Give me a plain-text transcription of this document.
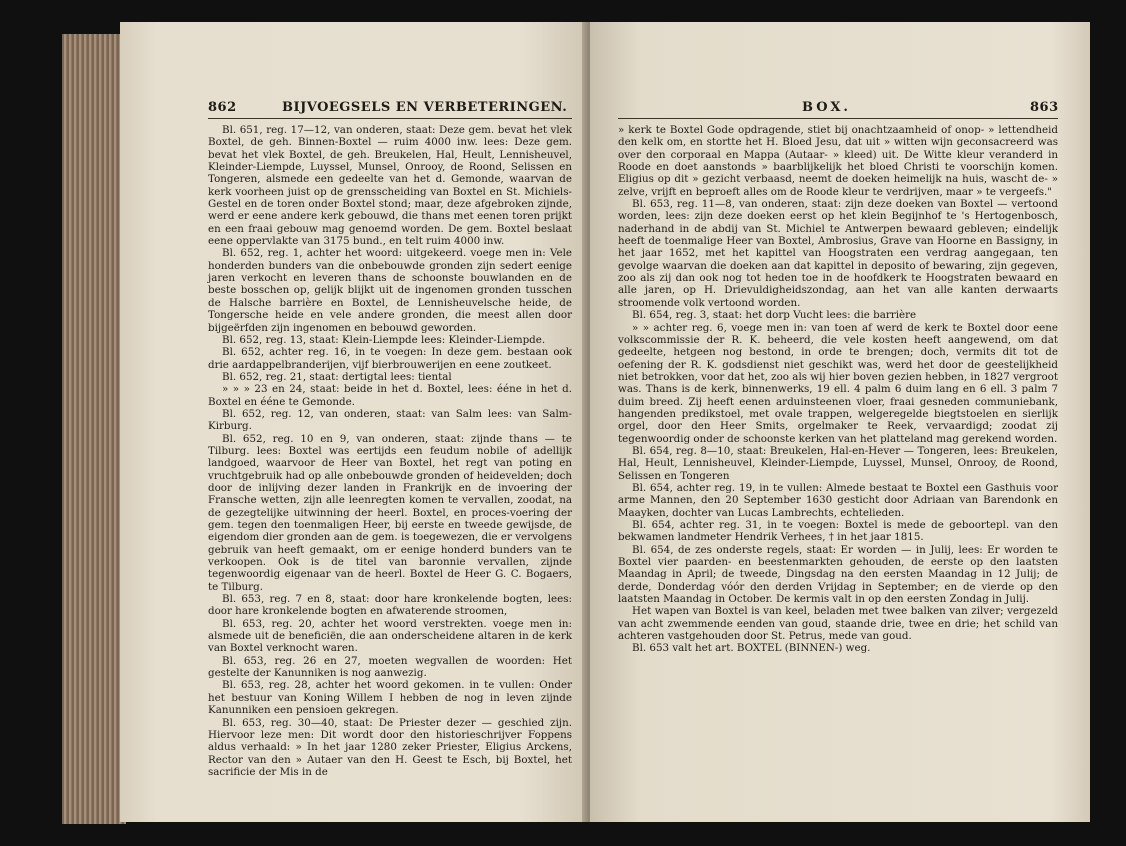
862	BIJVOEGSELS EN VERBETERINGEN.

Bl. 651, reg. 17—12, van onderen, staat: Deze gem. bevat het vlek Boxtel, de geh. Binnen-Boxtel — ruim 4000 inw. lees: Deze gem. bevat het vlek Boxtel, de geh. Breukelen, Hal, Heult, Lennisheuvel, Kleinder-Liempde, Luyssel, Munsel, Onrooy, de Roond, Selissen en Tongeren, alsmede een gedeelte van het d. Gemonde, waarvan de kerk voorheen juist op de grensscheiding van Boxtel en St. Michiels-Gestel en de toren onder Boxtel stond; maar, deze afgebroken zijnde, werd er eene andere kerk gebouwd, die thans met eenen toren prijkt en een fraai gebouw mag genoemd worden. De gem. Boxtel beslaat eene oppervlakte van 3175 bund., en telt ruim 4000 inw.

Bl. 652, reg. 1, achter het woord: uitgekeerd. voege men in: Vele honderden bunders van die onbebouwde gronden zijn sedert eenige jaren verkocht en leveren thans de schoonste bouwlanden en de beste bosschen op, gelijk blijkt uit de ingenomen gronden tusschen de Halsche barrière en Boxtel, de Lennisheuvelsche heide, de Tongersche heide en vele andere gronden, die meest allen door bijgeërfden zijn ingenomen en bebouwd geworden.

Bl. 652, reg. 13, staat: Klein-Liempde lees: Kleinder-Liempde.

Bl. 652, achter reg. 16, in te voegen: In deze gem. bestaan ook drie aardappelbranderijen, vijf bierbrouwerijen en eene zoutkeet.

Bl. 652, reg. 21, staat: dertigtal lees: tiental

» » » 23 en 24, staat: beide in het d. Boxtel, lees: ééne in het d. Boxtel en ééne te Gemonde.

Bl. 652, reg. 12, van onderen, staat: van Salm lees: van Salm-Kirburg.

Bl. 652, reg. 10 en 9, van onderen, staat: zijnde thans — te Tilburg. lees: Boxtel was eertijds een feudum nobile of adellijk landgoed, waarvoor de Heer van Boxtel, het regt van poting en vruchtgebruik had op alle onbebouwde gronden of heidevelden; doch door de inlijving dezer landen in Frankrijk en de invoering der Fransche wetten, zijn alle leenregten komen te vervallen, zoodat, na de gezegtelijke uitwinning der heerl. Boxtel, en proces-voering der gem. tegen den toenmaligen Heer, bij eerste en tweede gewijsde, de eigendom dier gronden aan de gem. is toegewezen, die er vervolgens gebruik van heeft gemaakt, om er eenige honderd bunders van te verkoopen. Ook is de titel van baronnie vervallen, zijnde tegenwoordig eigenaar van de heerl. Boxtel de Heer G. C. Bogaers, te Tilburg.

Bl. 653, reg. 7 en 8, staat: door hare kronkelende bogten, lees: door hare kronkelende bogten en afwaterende stroomen,

Bl. 653, reg. 20, achter het woord verstrekten. voege men in: alsmede uit de beneficiën, die aan onderscheidene altaren in de kerk van Boxtel verknocht waren.

Bl. 653, reg. 26 en 27, moeten wegvallen de woorden: Het gestelte der Kanunniken is nog aanwezig.

Bl. 653, reg. 28, achter het woord gekomen. in te vullen: Onder het bestuur van Koning Willem I hebben de nog in leven zijnde Kanunniken een pensioen gekregen.

Bl. 653, reg. 30—40, staat: De Priester dezer — geschied zijn. Hiervoor leze men: Dit wordt door den historieschrijver Foppens aldus verhaald: » In het jaar 1280 zeker Priester, Eligius Arckens, Rector van den » Autaer van den H. Geest te Esch, bij Boxtel, het sacrificie der Mis in de

BOX.	863

» kerk te Boxtel Gode opdragende, stiet bij onachtzaamheid of onop- » lettendheid den kelk om, en stortte het H. Bloed Jesu, dat uit » witten wijn geconsacreerd was over den corporaal en Mappa (Autaar- » kleed) uit. De Witte kleur veranderd in Roode en doet aanstonds » baarblijkelijk het bloed Christi te voorschijn komen. Eligius op dit » gezicht verbaasd, neemt de doeken heimelijk na huis, wascht de- » zelve, vrijft en beproeft alles om de Roode kleur te verdrijven, maar » te vergeefs."

Bl. 653, reg. 11—8, van onderen, staat: zijn deze doeken van Boxtel — vertoond worden, lees: zijn deze doeken eerst op het klein Begijnhof te 's Hertogenbosch, naderhand in de abdij van St. Michiel te Antwerpen bewaard gebleven; eindelijk heeft de toenmalige Heer van Boxtel, Ambrosius, Grave van Hoorne en Bassigny, in het jaar 1652, met het kapittel van Hoogstraten een verdrag aangegaan, ten gevolge waarvan die doeken aan dat kapittel in deposito of bewaring, zijn gegeven, zoo als zij dan ook nog tot heden toe in de hoofdkerk te Hoogstraten bewaard en alle jaren, op H. Drievuldigheidszondag, aan het van alle kanten derwaarts stroomende volk vertoond worden.

Bl. 654, reg. 3, staat: het dorp Vucht lees: die barrière

» » achter reg. 6, voege men in: van toen af werd de kerk te Boxtel door eene volkscommissie der R. K. beheerd, die vele kosten heeft aangewend, om dat gedeelte, hetgeen nog bestond, in orde te brengen; doch, vermits dit tot de oefening der R. K. godsdienst niet geschikt was, werd het door de geestelijkheid niet betrokken, voor dat het, zoo als wij hier boven gezien hebben, in 1827 vergroot was. Thans is de kerk, binnenwerks, 19 ell. 4 palm 6 duim lang en 6 ell. 3 palm 7 duim breed. Zij heeft eenen arduinsteenen vloer, fraai gesneden communiebank, hangenden predikstoel, met ovale trappen, welgeregelde biegtstoelen en sierlijk orgel, door den Heer Smits, orgelmaker te Reek, vervaardigd; zoodat zij tegenwoordig onder de schoonste kerken van het platteland mag gerekend worden.

Bl. 654, reg. 8—10, staat: Breukelen, Hal-en-Hever — Tongeren, lees: Breukelen, Hal, Heult, Lennisheuvel, Kleinder-Liempde, Luyssel, Munsel, Onrooy, de Roond, Selissen en Tongeren

Bl. 654, achter reg. 19, in te vullen: Almede bestaat te Boxtel een Gasthuis voor arme Mannen, den 20 September 1630 gesticht door Adriaan van Barendonk en Maayken, dochter van Lucas Lambrechts, echtelieden.

Bl. 654, achter reg. 31, in te voegen: Boxtel is mede de geboortepl. van den bekwamen landmeter Hendrik Verhees, † in het jaar 1815.

Bl. 654, de zes onderste regels, staat: Er worden — in Julij, lees: Er worden te Boxtel vier paarden- en beestenmarkten gehouden, de eerste op den laatsten Maandag in April; de tweede, Dingsdag na den eersten Maandag in 12 Julij; de derde, Donderdag vóór den derden Vrijdag in September; en de vierde op den laatsten Maandag in October. De kermis valt in op den eersten Zondag in Julij.

Het wapen van Boxtel is van keel, beladen met twee balken van zilver; vergezeld van acht zwemmende eenden van goud, staande drie, twee en drie; het schild van achteren vastgehouden door St. Petrus, mede van goud.

Bl. 653 valt het art. BOXTEL (BINNEN-) weg.
